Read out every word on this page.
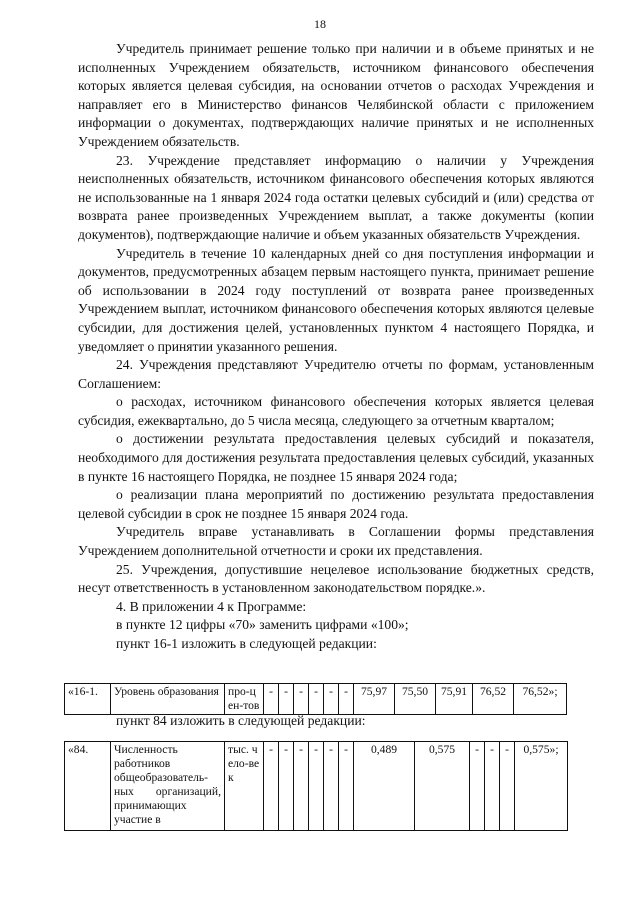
18

Учредитель принимает решение только при наличии и в объеме принятых и не исполненных Учреждением обязательств, источником финансового обеспечения которых является целевая субсидия, на основании отчетов о расходах Учреждения и направляет его в Министерство финансов Челябинской области с приложением информации о документах, подтверждающих наличие принятых и не исполненных Учреждением обязательств.

23. Учреждение представляет информацию о наличии у Учреждения неисполненных обязательств, источником финансового обеспечения которых являются не использованные на 1 января 2024 года остатки целевых субсидий и (или) средства от возврата ранее произведенных Учреждением выплат, а также документы (копии документов), подтверждающие наличие и объем указанных обязательств Учреждения.

Учредитель в течение 10 календарных дней со дня поступления информации и документов, предусмотренных абзацем первым настоящего пункта, принимает решение об использовании в 2024 году поступлений от возврата ранее произведенных Учреждением выплат, источником финансового обеспечения которых являются целевые субсидии, для достижения целей, установленных пунктом 4 настоящего Порядка, и уведомляет о принятии указанного решения.

24. Учреждения представляют Учредителю отчеты по формам, установленным Соглашением:

о расходах, источником финансового обеспечения которых является целевая субсидия, ежеквартально, до 5 числа месяца, следующего за отчетным кварталом;

о достижении результата предоставления целевых субсидий и показателя, необходимого для достижения результата предоставления целевых субсидий, указанных в пункте 16 настоящего Порядка, не позднее 15 января 2024 года;

о реализации плана мероприятий по достижению результата предоставления целевой субсидии в срок не позднее 15 января 2024 года.

Учредитель вправе устанавливать в Соглашении формы представления Учреждением дополнительной отчетности и сроки их представления.

25. Учреждения, допустившие нецелевое использование бюджетных средств, несут ответственность в установленном законодательством порядке.».

4. В приложении 4 к Программе:

в пункте 12 цифры «70» заменить цифрами «100»;

пункт 16-1 изложить в следующей редакции:

пункт 84 изложить в следующей редакции:

«16-1.	Уровень образования	про-цен-тов	-	-	-	-	-	-	75,97	75,50	75,91	76,52	76,52»;
«84.	Численность работников общеобразователь-ных организаций, принимающих участие в	тыс. чело-век	-	-	-	-	-	-	0,489	0,575	-	-	-	0,575»;
